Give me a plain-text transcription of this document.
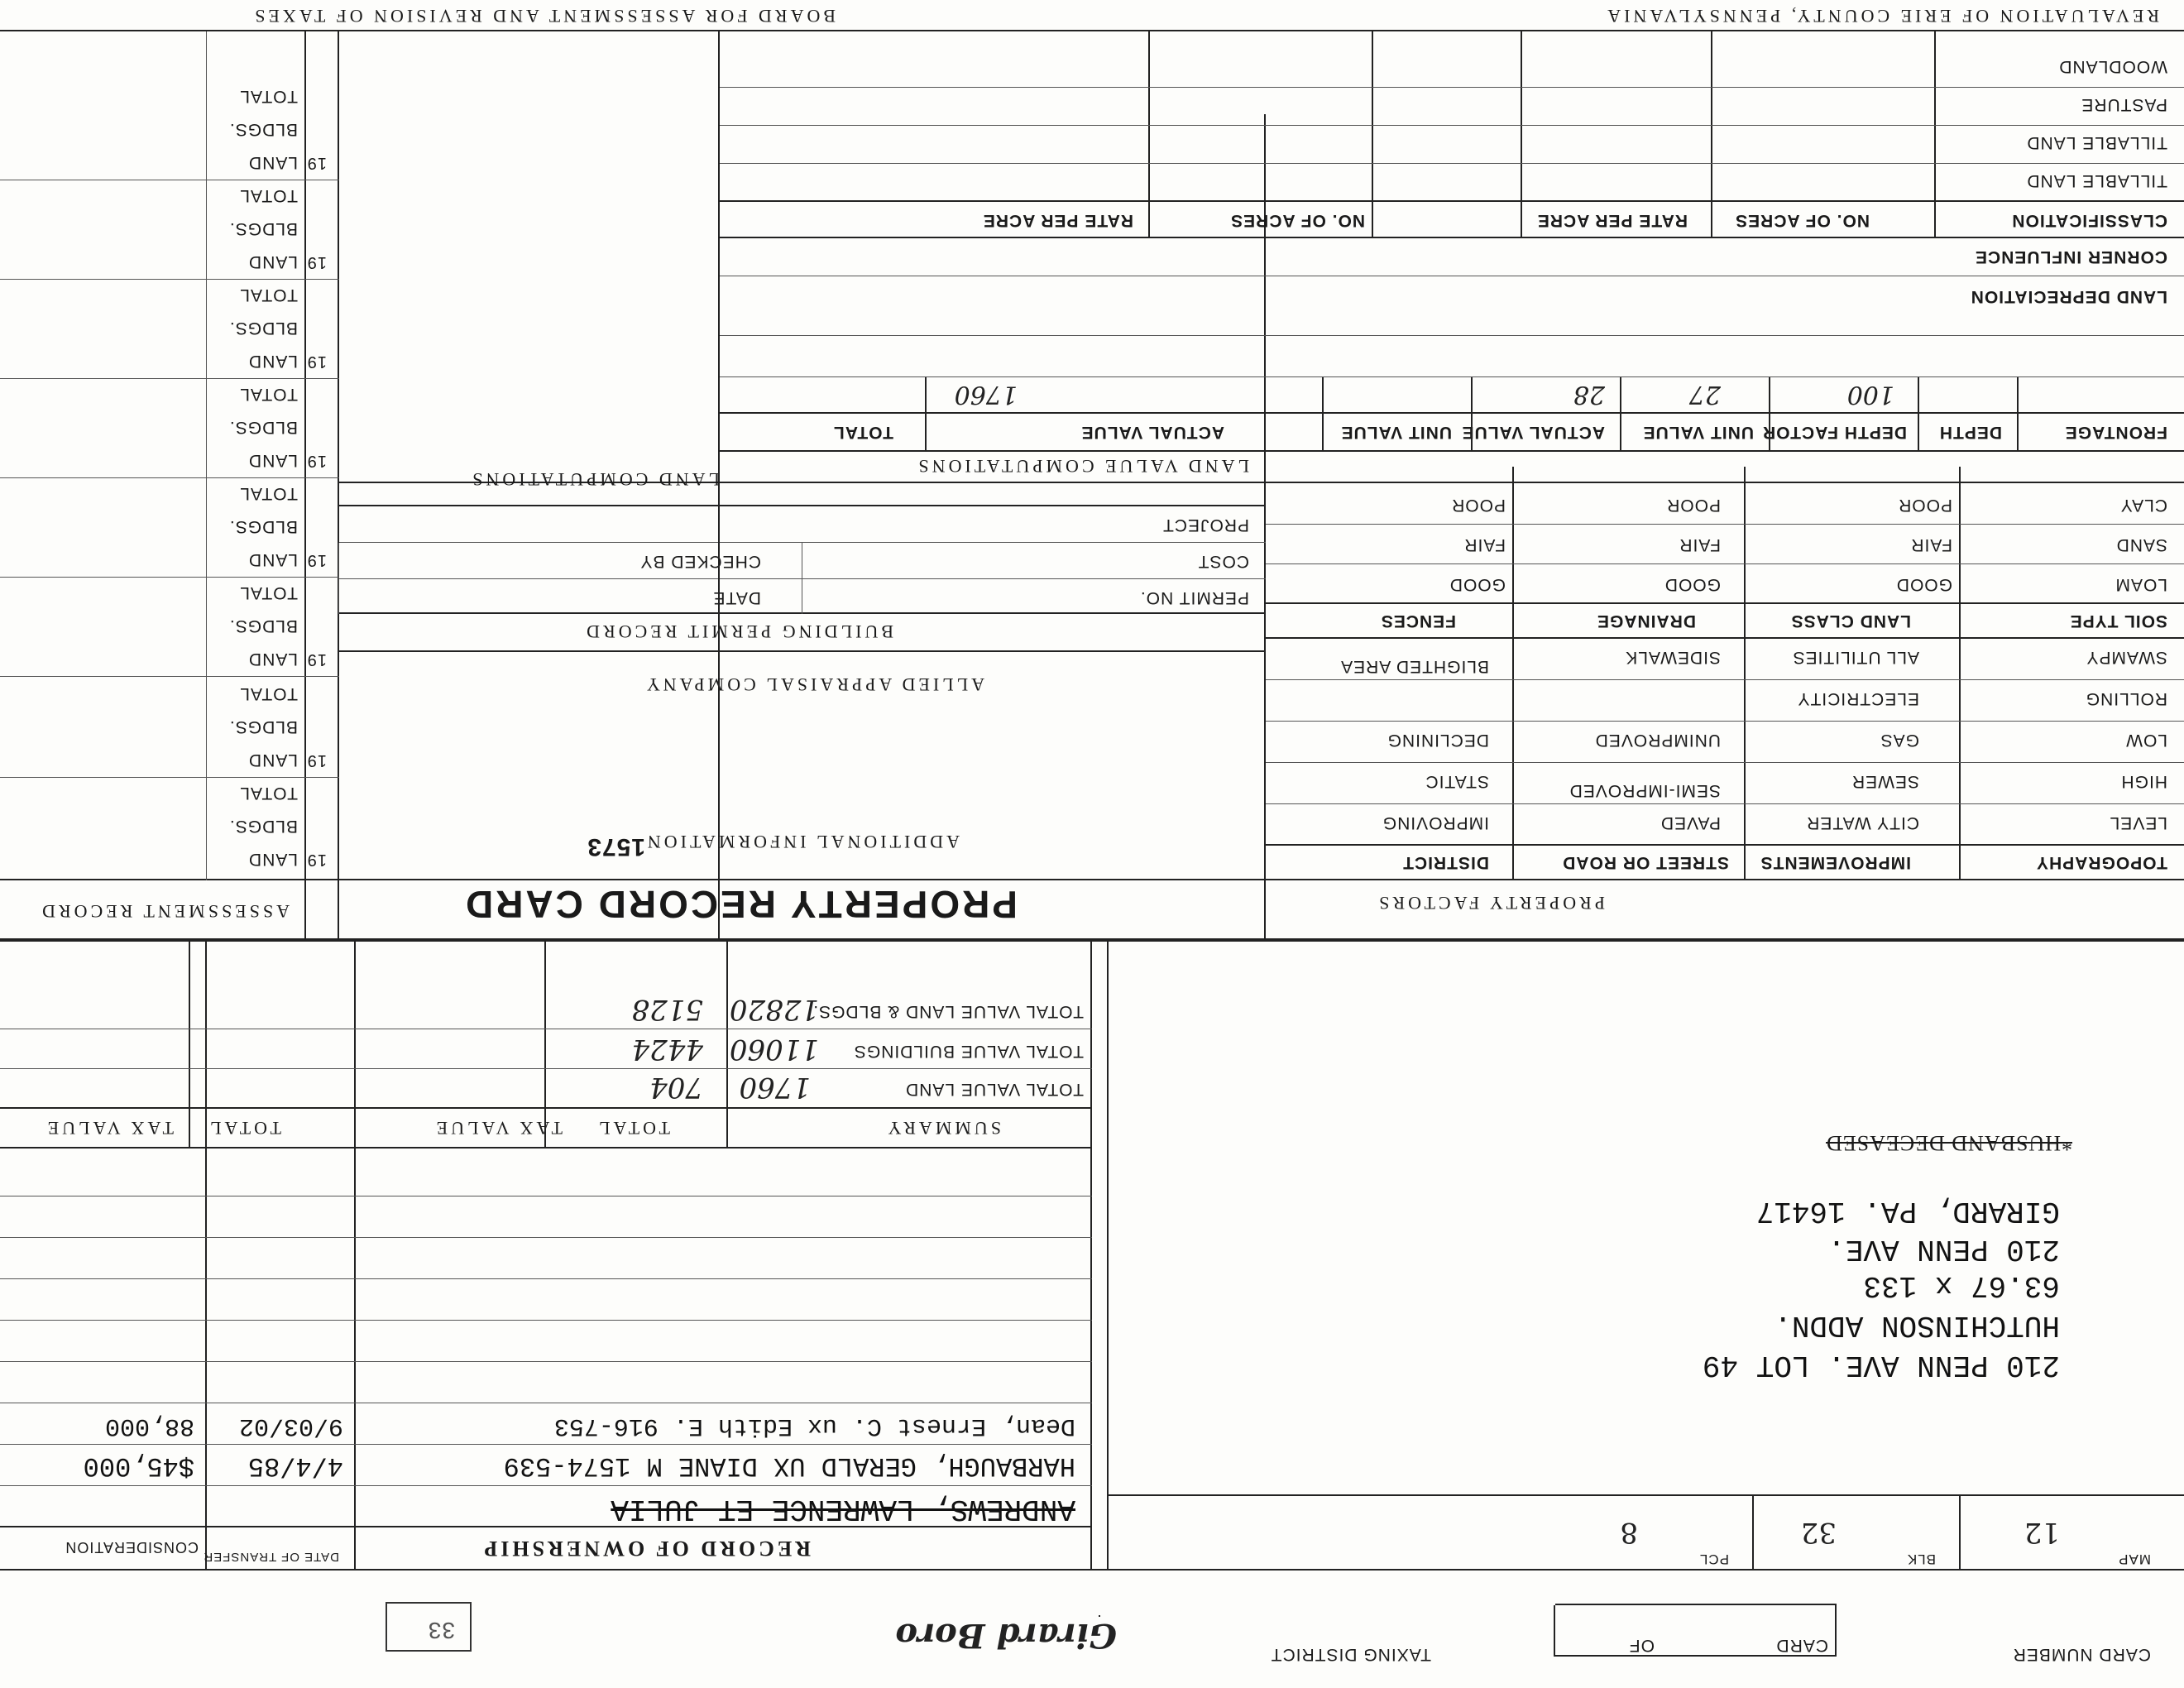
CARD NUMBER
CARD
OF
TAXING DISTRICT
Girard Boro
33
MAP
BLK
PCL
12
32
8
RECORD OF OWNERSHIP
DATE OF TRANSFER
CONSIDERATION
ANDREWS, LAWRENCE ET JULIA
HARBAUGH, GERALD UX DIANE M 1574-539
4/4/85
$45,000
Dean, Ernest C. ux Edith E. 916-753
9/03/02
88,000
210 PENN AVE. LOT 49
HUTCHINSON ADDN.
63.67 x 133
210 PENN AVE.
GIRARD, PA. 16417
*HUSBAND DECEASED
SUMMARY
TOTAL
TAX VALUE
TOTAL
TAX VALUE
TOTAL VALUE LAND
1760
704
TOTAL VALUE BUILDINGS
11060
4424
TOTAL VALUE LAND & BLDGS.
12820
5128
PROPERTY FACTORS
PROPERTY RECORD CARD
ASSESSMENT RECORD
TOPOGRAPHY
IMPROVEMENTS
STREET OR ROAD
DISTRICT
LEVEL
HIGH
LOW
ROLLING
SWAMPY
CITY WATER
SEWER
GAS
ELECTRICITY
ALL UTILITIES
PAVED
SEMI-IMPROVED
UNIMPROVED
SIDEWALK
IMPROVING
STATIC
DECLINING
BLIGHTED AREA
SOIL TYPE
LAND CLASS
DRAINAGE
FENCES
LOAM
SAND
CLAY
GOOD
FAIR
POOR
GOOD
FAIR
POOR
GOOD
FAIR
POOR
ADDITIONAL INFORMATION
1573
ALLIED APPRAISAL COMPANY
BUILDING PERMIT RECORD
PERMIT NO.
DATE
COST
CHECKED BY
PROJECT
LAND COMPUTATIONS
LAND VALUE COMPUTATIONS
FRONTAGE
DEPTH
DEPTH FACTOR
UNIT VALUE
ACTUAL VALUE
UNIT VALUE
ACTUAL VALUE
TOTAL
100
27
28
1760
LAND DEPRECIATION
CORNER INFLUENCE
CLASSIFICATION
NO. OF ACRES
RATE PER ACRE
NO. OF ACRES
RATE PER ACRE
TILLABLE LAND
TILLABLE LAND
PASTURE
WOODLAND
REVALUATION OF ERIE COUNTY, PENNSYLVANIA
BOARD FOR ASSESSMENT AND REVISION OF TAXES
19
LAND
BLDGS.
TOTAL
19
LAND
BLDGS.
TOTAL
19
LAND
BLDGS.
TOTAL
19
LAND
BLDGS.
TOTAL
19
LAND
BLDGS.
TOTAL
19
LAND
BLDGS.
TOTAL
19
LAND
BLDGS.
TOTAL
19
LAND
BLDGS.
TOTAL
